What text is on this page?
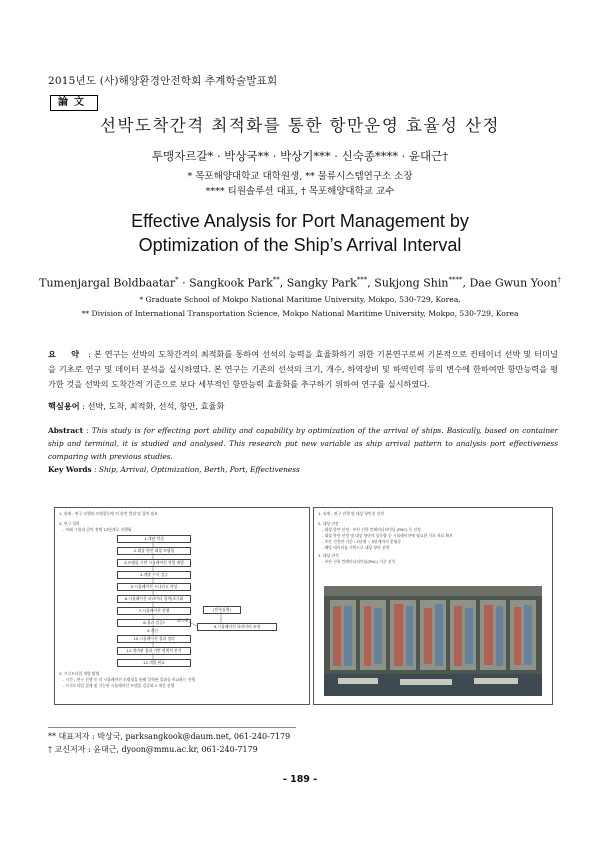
2015년도 (사)해양환경안전학회 추계학술발표회
論文
선박도착간격 최적화를 통한 항만운영 효율성 산정
투맹자르갈* · 박상국** · 박상기*** · 신숙종**** · 윤대근†
* 목포해양대학교 대학원생, ** 물류시스템연구소 소장
**** 티원솔루션 대표, † 목포해양대학교 교수
Effective Analysis for Port Management by
Optimization of the Ship’s Arrival Interval
Tumenjargal Boldbaatar* · Sangkook Park**, Sangky Park***, Sukjong Shin****, Dae Gwun Yoon†
* Graduate School of Mokpo National Maritime University, Mokpo, 530-729, Korea,
** Division of International Transportation Science, Mokpo National Maritime University, Mokpo, 530-729, Korea
요 약 : 본 연구는 선박의 도착간격의 최적화를 통하여 선석의 능력을 효율화하기 위한 기본연구로써 기본적으로 컨테이너 선박 및 터미널을 기초로 연구 및 데이터 분석을 실시하였다. 본 연구는 기존의 선석의 크기, 개수, 하역장비 및 하역인력 등의 변수에 한하여만 항만능력을 평가한 것을 선박의 도착간격 기준으로 보다 세부적인 항만능력 효율화를 추구하기 위하여 연구를 실시하였다.
핵심용어 : 선박, 도착, 최적화, 선석, 항만, 효율화
Abstract : This study is for effecting port ability and capability by optimization of the arrival of ships. Basically, based on container ship and terminal, it is studied and analysed. This research put new variable as ship arrival pattern to analysis port effectiveness comparing with previous studies.
Key Words : Ship, Arrival, Optimization, Berth, Port, Effectiveness
1. 과제 : 연구 진행과 모델링등에 의 관련 범위 및 절차 필요
2. 연구 절차
- 아래 그림과 같이 전체 12단계로 진행됨
1.개념 작성
2.대상 항만 대상 모델링
3.모델링 기반 시뮬레이션 작업 개발
4.개발 수식 검증
5.시뮬레이션 시나리오 작성
6.시뮬레이션 파라미터 입력/초기화
7.시뮬레이션 진행
8.결과 검증?
9.개선
10.시뮬레이션 결과 정리
11.정리된 결과 기반 정책적 분석
12.개발 완료
(반복실행)
9.시뮬레이션 파라미터 조정
피드백
3. 프로토타입 개발 방법
- 시간 : 연구 진행 중 각 시뮬레이션 모델링을 통해 입력된 결과를 비교하는 진행
- 프로토타입 설계 및 기능된 시뮬레이션 모델을 검증하고 개선 진행
1. 과제 : 연구 진행 및 대상 항만선 선정
2. 대상 선정
- 대상 항만 선정 : 부산 신항 컨테이너터미널 (PNC) 등 선정
- 대상 항만 선정 및 대상 항만의 물동량 등 시뮬레이션에 필요한 기초 자료 확보
- 부산 신항만 기준 : 1단계 ~ 5단계까지 운영중
- 해당 데이터를 기반으로 대상 항만 선정
3. 대상 선석
- 부산 신항 컨테이너터미널(PNC) 기준 선석
** 대표저자 : 박상국, parksangkook@daum.net, 061-240-7179
† 교신저자 : 윤대근, dyoon@mmu.ac.kr, 061-240-7179
- 189 -
